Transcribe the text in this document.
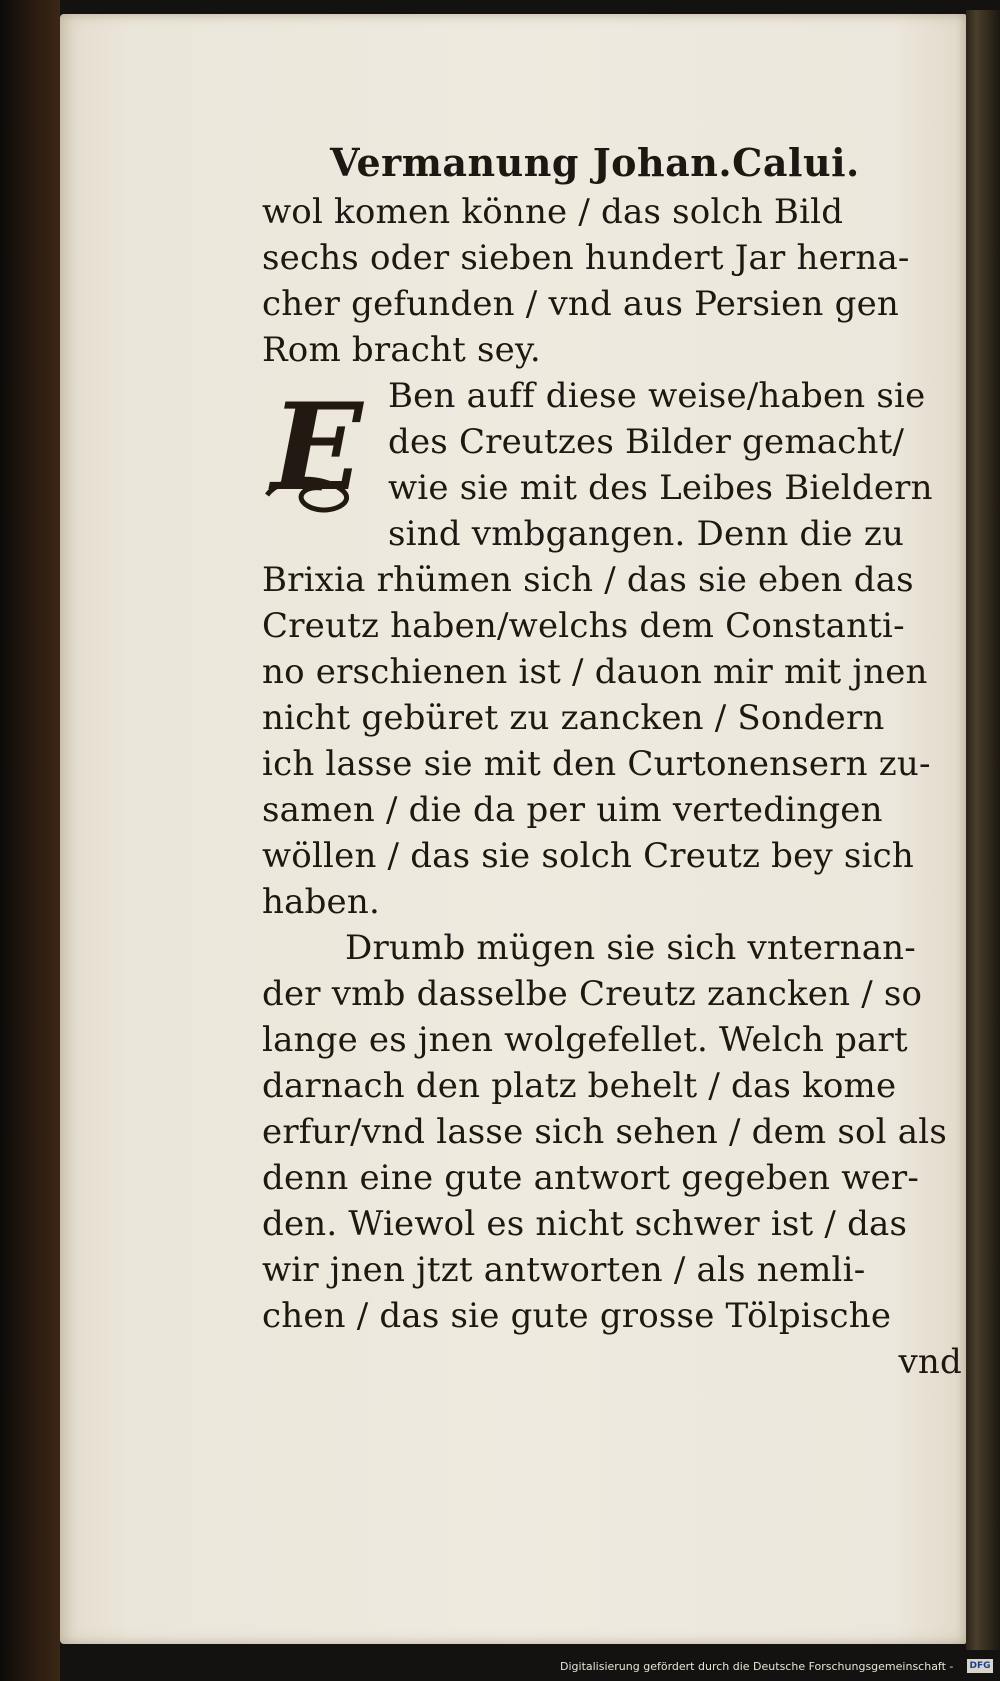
Vermanung Johan.Calui.
E
wol komen könne / das solch Bild
sechs oder sieben hundert Jar herna-
cher gefunden / vnd aus Persien gen
Rom bracht sey.
Ben auff diese weise/haben sie
des Creutzes Bilder gemacht/
wie sie mit des Leibes Bieldern
sind vmbgangen. Denn die zu
Brixia rhümen sich / das sie eben das
Creutz haben/welchs dem Constanti-
no erschienen ist / dauon mir mit jnen
nicht gebüret zu zancken / Sondern
ich lasse sie mit den Curtonensern zu-
samen / die da per uim vertedingen
wöllen / das sie solch Creutz bey sich
haben.
Drumb mügen sie sich vnternan-
der vmb dasselbe Creutz zancken / so
lange es jnen wolgefellet. Welch part
darnach den platz behelt / das kome
erfur/vnd lasse sich sehen / dem sol als
denn eine gute antwort gegeben wer-
den. Wiewol es nicht schwer ist / das
wir jnen jtzt antworten / als nemli-
chen / das sie gute grosse Tölpische
vnd
Digitalisierung gefördert durch die Deutsche Forschungsgemeinschaft - DFG
